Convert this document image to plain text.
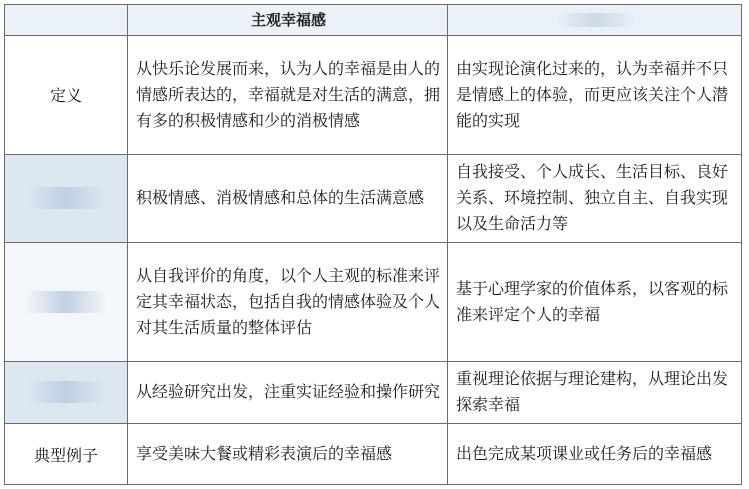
	主观幸福感	

定义	从快乐论发展而来，认为人的幸福是由人的情感所表达的，幸福就是对生活的满意，拥有多的积极情感和少的消极情感	由实现论演化过来的，认为幸福并不只是情感上的体验，而更应该关注个人潜能的实现

	积极情感、消极情感和总体的生活满意感	自我接受、个人成长、生活目标、良好关系、环境控制、独立自主、自我实现以及生命活力等

	从自我评价的角度，以个人主观的标准来评定其幸福状态，包括自我的情感体验及个人对其生活质量的整体评估	基于心理学家的价值体系，以客观的标准来评定个人的幸福

	从经验研究出发，注重实证经验和操作研究	重视理论依据与理论建构，从理论出发探索幸福
典型例子	享受美味大餐或精彩表演后的幸福感	出色完成某项课业或任务后的幸福感
